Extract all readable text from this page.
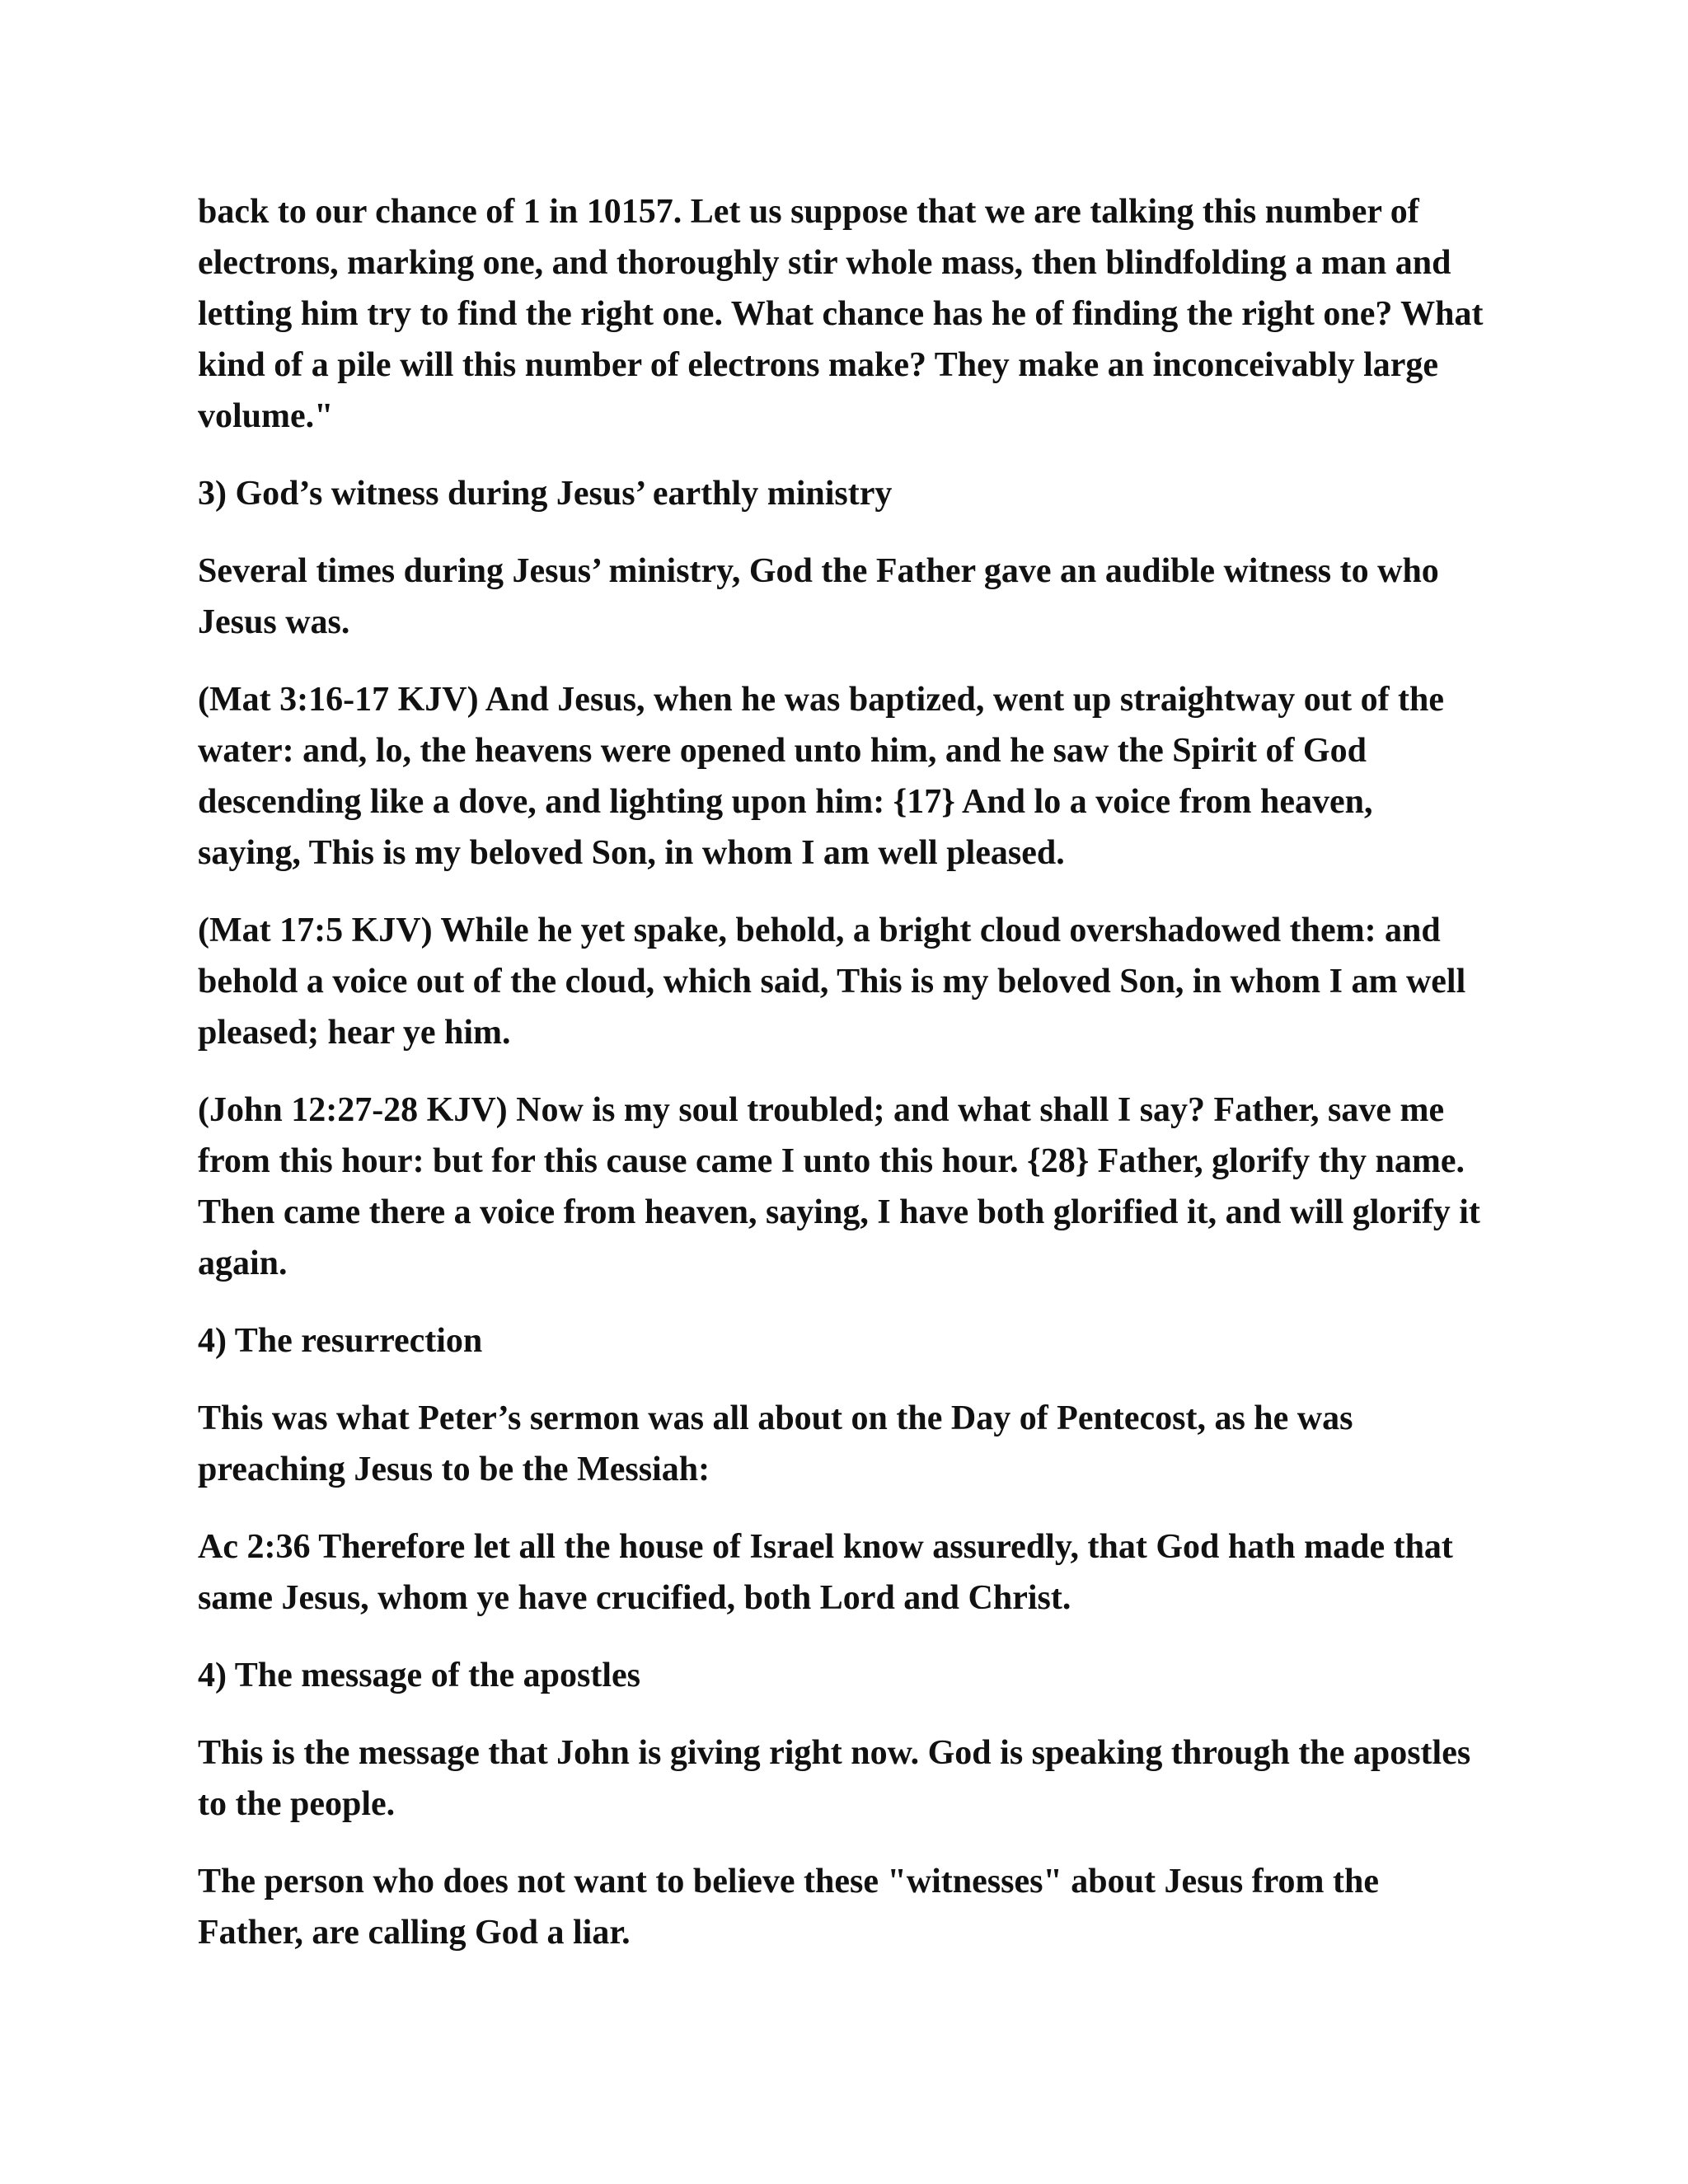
back to our chance of 1 in 10157. Let us suppose that we are talking this number of electrons, marking one, and thoroughly stir whole mass, then blindfolding a man and letting him try to find the right one. What chance has he of finding the right one? What kind of a pile will this number of electrons make? They make an inconceivably large volume."

3) God’s witness during Jesus’ earthly ministry

Several times during Jesus’ ministry, God the Father gave an audible witness to who Jesus was.

(Mat 3:16-17 KJV) And Jesus, when he was baptized, went up straightway out of the water: and, lo, the heavens were opened unto him, and he saw the Spirit of God descending like a dove, and lighting upon him: {17} And lo a voice from heaven, saying, This is my beloved Son, in whom I am well pleased.

(Mat 17:5 KJV) While he yet spake, behold, a bright cloud overshadowed them: and behold a voice out of the cloud, which said, This is my beloved Son, in whom I am well pleased; hear ye him.

(John 12:27-28 KJV) Now is my soul troubled; and what shall I say? Father, save me from this hour: but for this cause came I unto this hour. {28} Father, glorify thy name. Then came there a voice from heaven, saying, I have both glorified it, and will glorify it again.

4) The resurrection

This was what Peter’s sermon was all about on the Day of Pentecost, as he was preaching Jesus to be the Messiah:

Ac 2:36 Therefore let all the house of Israel know assuredly, that God hath made that same Jesus, whom ye have crucified, both Lord and Christ.

4) The message of the apostles

This is the message that John is giving right now. God is speaking through the apostles to the people.

The person who does not want to believe these "witnesses" about Jesus from the Father, are calling God a liar.
